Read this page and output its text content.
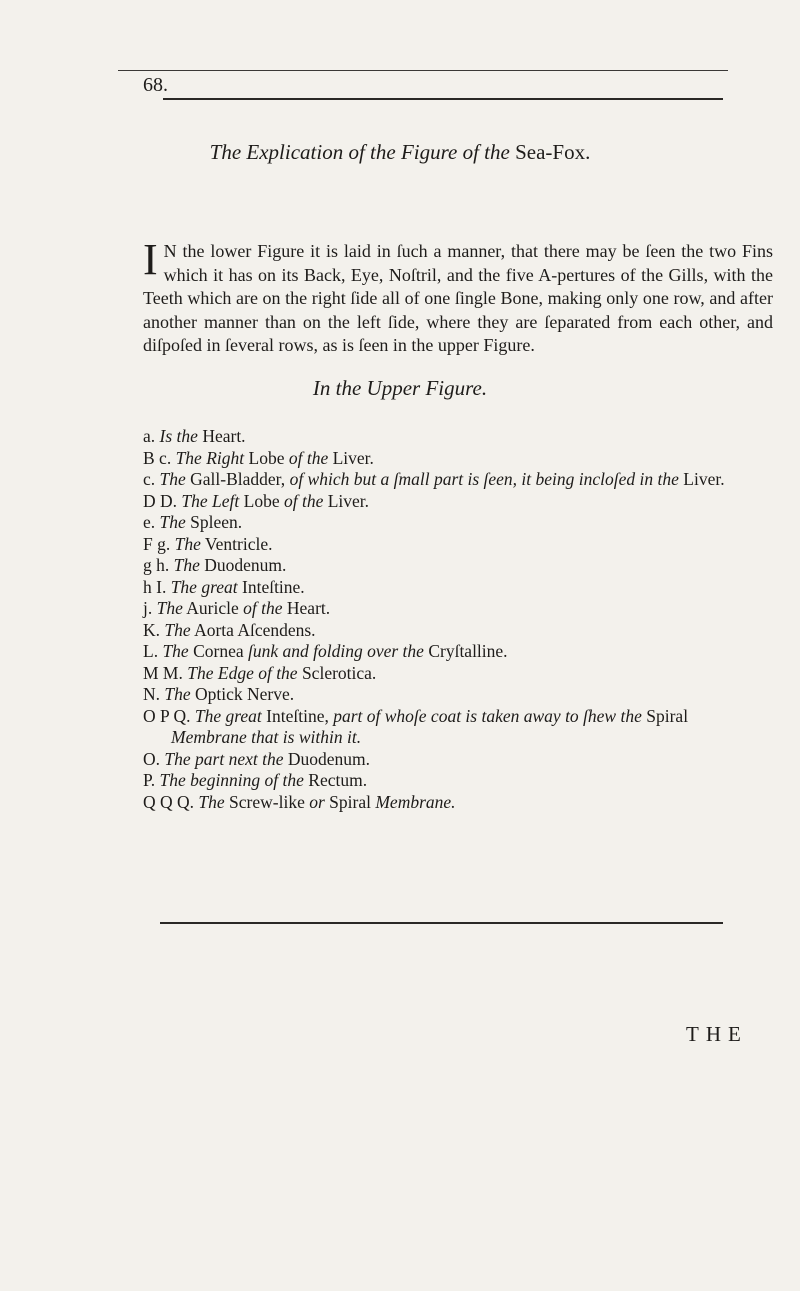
68.
The Explication of the Figure of the Sea-Fox.

I N the lower Figure it is laid in ſuch a manner, that there may be ſeen the two Fins which it has on its Back, Eye, Noſtril, and the five A-pertures of the Gills, with the Teeth which are on the right ſide all of one ſingle Bone, making only one row, and after another manner than on the left ſide, where they are ſeparated from each other, and diſpoſed in ſeveral rows, as is ſeen in the upper Figure.

In the Upper Figure.
a. Is the Heart.
B c. The Right Lobe of the Liver.
c. The Gall-Bladder, of which but a ſmall part is ſeen, it being incloſed in the Liver.
D D. The Left Lobe of the Liver.
e. The Spleen.
F g. The Ventricle.
g h. The Duodenum.
h I. The great Inteſtine.
j. The Auricle of the Heart.
K. The Aorta Aſcendens.
L. The Cornea ſunk and folding over the Cryſtalline.
M M. The Edge of the Sclerotica.
N. The Optick Nerve.
O P Q. The great Inteſtine, part of whoſe coat is taken away to ſhew the Spiral
Membrane that is within it.
O. The part next the Duodenum.
P. The beginning of the Rectum.
Q Q Q. The Screw-like or Spiral Membrane.
THE
